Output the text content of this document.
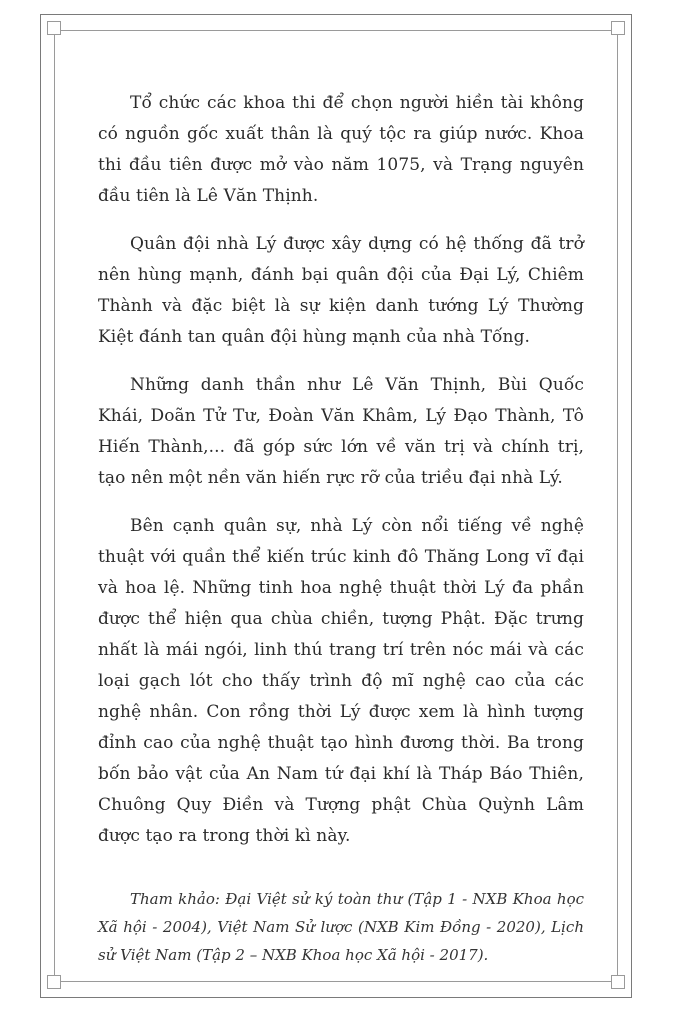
Tổ chức các khoa thi để chọn người hiền tài không có nguồn gốc xuất thân là quý tộc ra giúp nước. Khoa thi đầu tiên được mở vào năm 1075, và Trạng nguyên đầu tiên là Lê Văn Thịnh.

Quân đội nhà Lý được xây dựng có hệ thống đã trở nên hùng mạnh, đánh bại quân đội của Đại Lý, Chiêm Thành và đặc biệt là sự kiện danh tướng Lý Thường Kiệt đánh tan quân đội hùng mạnh của nhà Tống.

Những danh thần như Lê Văn Thịnh, Bùi Quốc Khái, Doãn Tử Tư, Đoàn Văn Khâm, Lý Đạo Thành, Tô Hiến Thành,... đã góp sức lớn về văn trị và chính trị, tạo nên một nền văn hiến rực rỡ của triều đại nhà Lý.

Bên cạnh quân sự, nhà Lý còn nổi tiếng về nghệ thuật với quần thể kiến trúc kinh đô Thăng Long vĩ đại và hoa lệ. Những tinh hoa nghệ thuật thời Lý đa phần được thể hiện qua chùa chiền, tượng Phật. Đặc trưng nhất là mái ngói, linh thú trang trí trên nóc mái và các loại gạch lót cho thấy trình độ mĩ nghệ cao của các nghệ nhân. Con rồng thời Lý được xem là hình tượng đỉnh cao của nghệ thuật tạo hình đương thời. Ba trong bốn bảo vật của An Nam tứ đại khí là Tháp Báo Thiên, Chuông Quy Điền và Tượng phật Chùa Quỳnh Lâm được tạo ra trong thời kì này.

Tham khảo: Đại Việt sử ký toàn thư (Tập 1 - NXB Khoa học Xã hội - 2004), Việt Nam Sử lược (NXB Kim Đồng - 2020), Lịch sử Việt Nam (Tập 2 – NXB Khoa học Xã hội - 2017).
